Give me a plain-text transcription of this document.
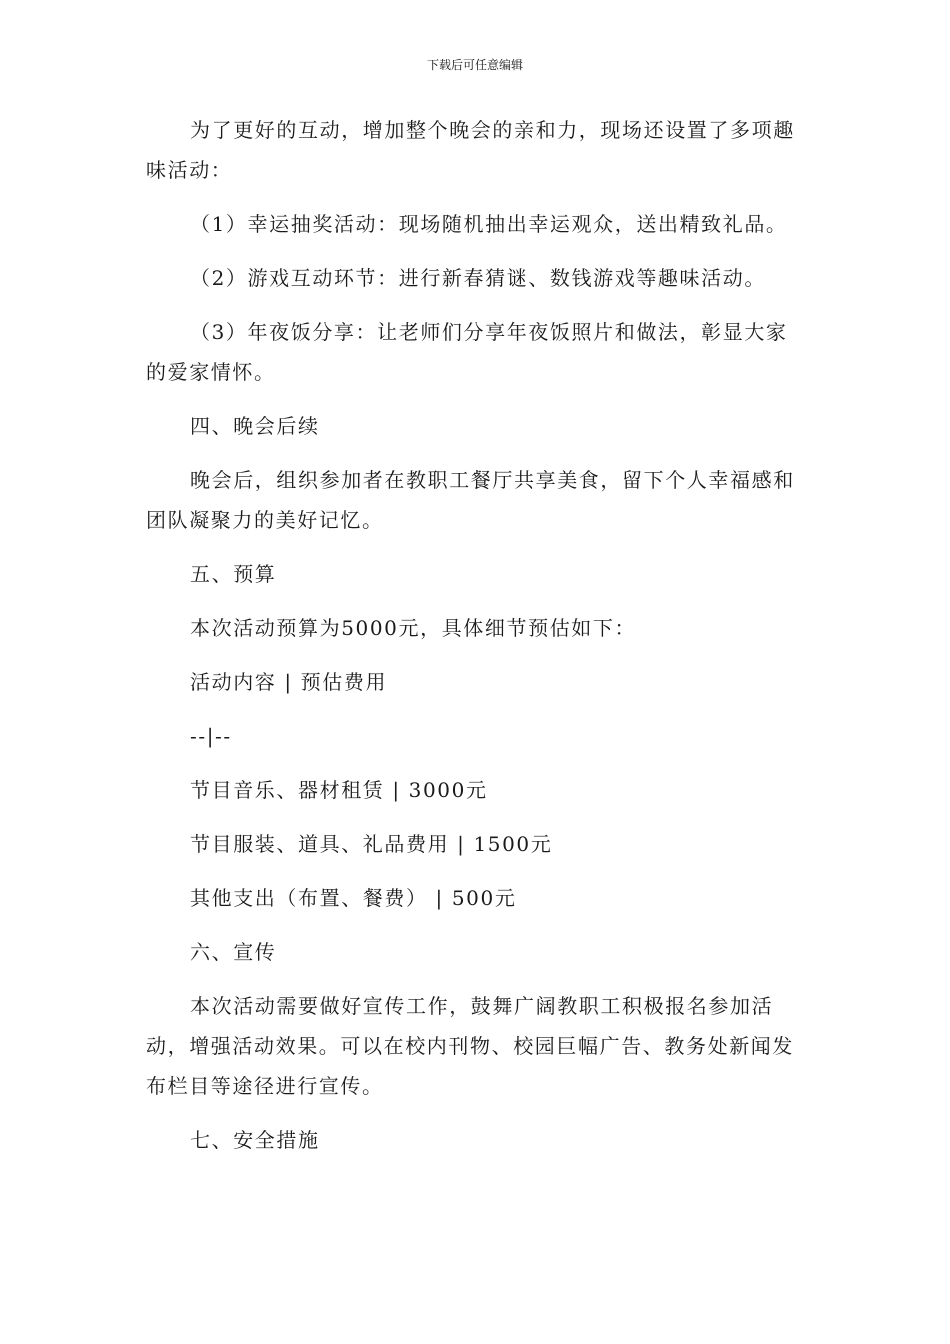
下载后可任意编辑

为了更好的互动，增加整个晚会的亲和力，现场还设置了多项趣味活动：

（1）幸运抽奖活动：现场随机抽出幸运观众，送出精致礼品。

（2）游戏互动环节：进行新春猜谜、数钱游戏等趣味活动。

（3）年夜饭分享：让老师们分享年夜饭照片和做法，彰显大家的爱家情怀。

四、晚会后续

晚会后，组织参加者在教职工餐厅共享美食，留下个人幸福感和团队凝聚力的美好记忆。

五、预算

本次活动预算为5000元，具体细节预估如下：

活动内容 | 预估费用

--|--

节目音乐、器材租赁 | 3000元

节目服装、道具、礼品费用 | 1500元

其他支出（布置、餐费） | 500元

六、宣传

本次活动需要做好宣传工作，鼓舞广阔教职工积极报名参加活动，增强活动效果。可以在校内刊物、校园巨幅广告、教务处新闻发布栏目等途径进行宣传。

七、安全措施
